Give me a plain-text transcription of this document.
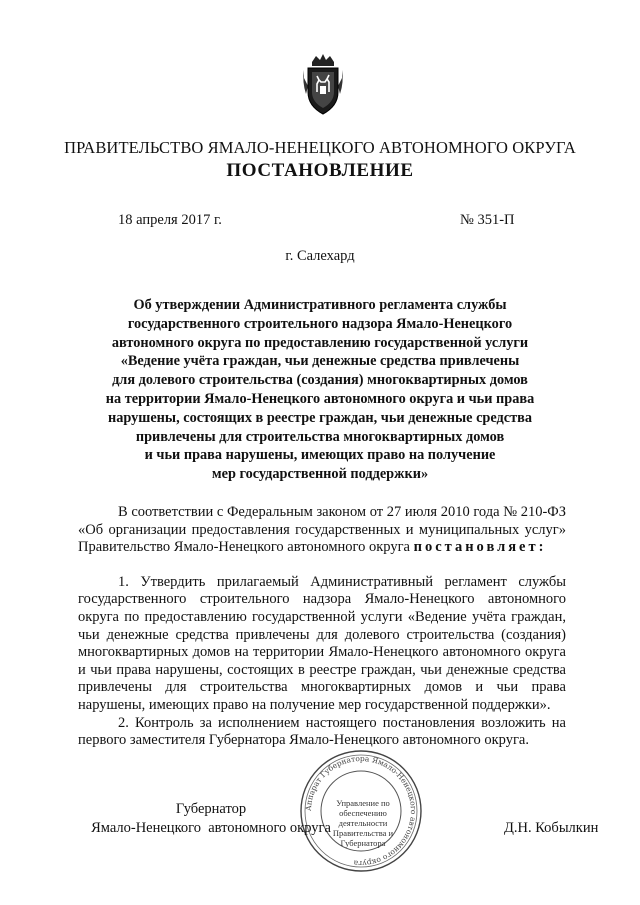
ПРАВИТЕЛЬСТВО ЯМАЛО-НЕНЕЦКОГО АВТОНОМНОГО ОКРУГА
ПОСТАНОВЛЕНИЕ
18 апреля 2017 г.	№ 351-П
г. Салехард
Об утверждении Административного регламента службы
государственного строительного надзора Ямало-Ненецкого
автономного округа по предоставлению государственной услуги
«Ведение учёта граждан, чьи денежные средства привлечены
для долевого строительства (создания) многоквартирных домов
на территории Ямало-Ненецкого автономного округа и чьи права
нарушены, состоящих в реестре граждан, чьи денежные средства
привлечены для строительства многоквартирных домов
и чьи права нарушены, имеющих право на получение
мер государственной поддержки»

В соответствии с Федеральным законом от 27 июля 2010 года № 210-ФЗ «Об организации предоставления государственных и муниципальных услуг» Правительство Ямало-Ненецкого автономного округа постановляет:

1. Утвердить прилагаемый Административный регламент службы государственного строительного надзора Ямало-Ненецкого автономного округа по предоставлению государственной услуги «Ведение учёта граждан, чьи денежные средства привлечены для долевого строительства (создания) многоквартирных домов на территории Ямало-Ненецкого автономного округа и чьи права нарушены, состоящих в реестре граждан, чьи денежные средства привлечены для строительства многоквартирных домов и чьи права нарушены, имеющих право на получение мер государственной поддержки».

2. Контроль за исполнением настоящего постановления возложить на первого заместителя Губернатора Ямало-Ненецкого автономного округа.

Аппарат Губернатора Ямало-Ненецкого автономного округа
Управление по обеспечению деятельности Правительства и Губернатора
Губернатор
Ямало-Ненецкого  автономного округа	Д.Н. Кобылкин
